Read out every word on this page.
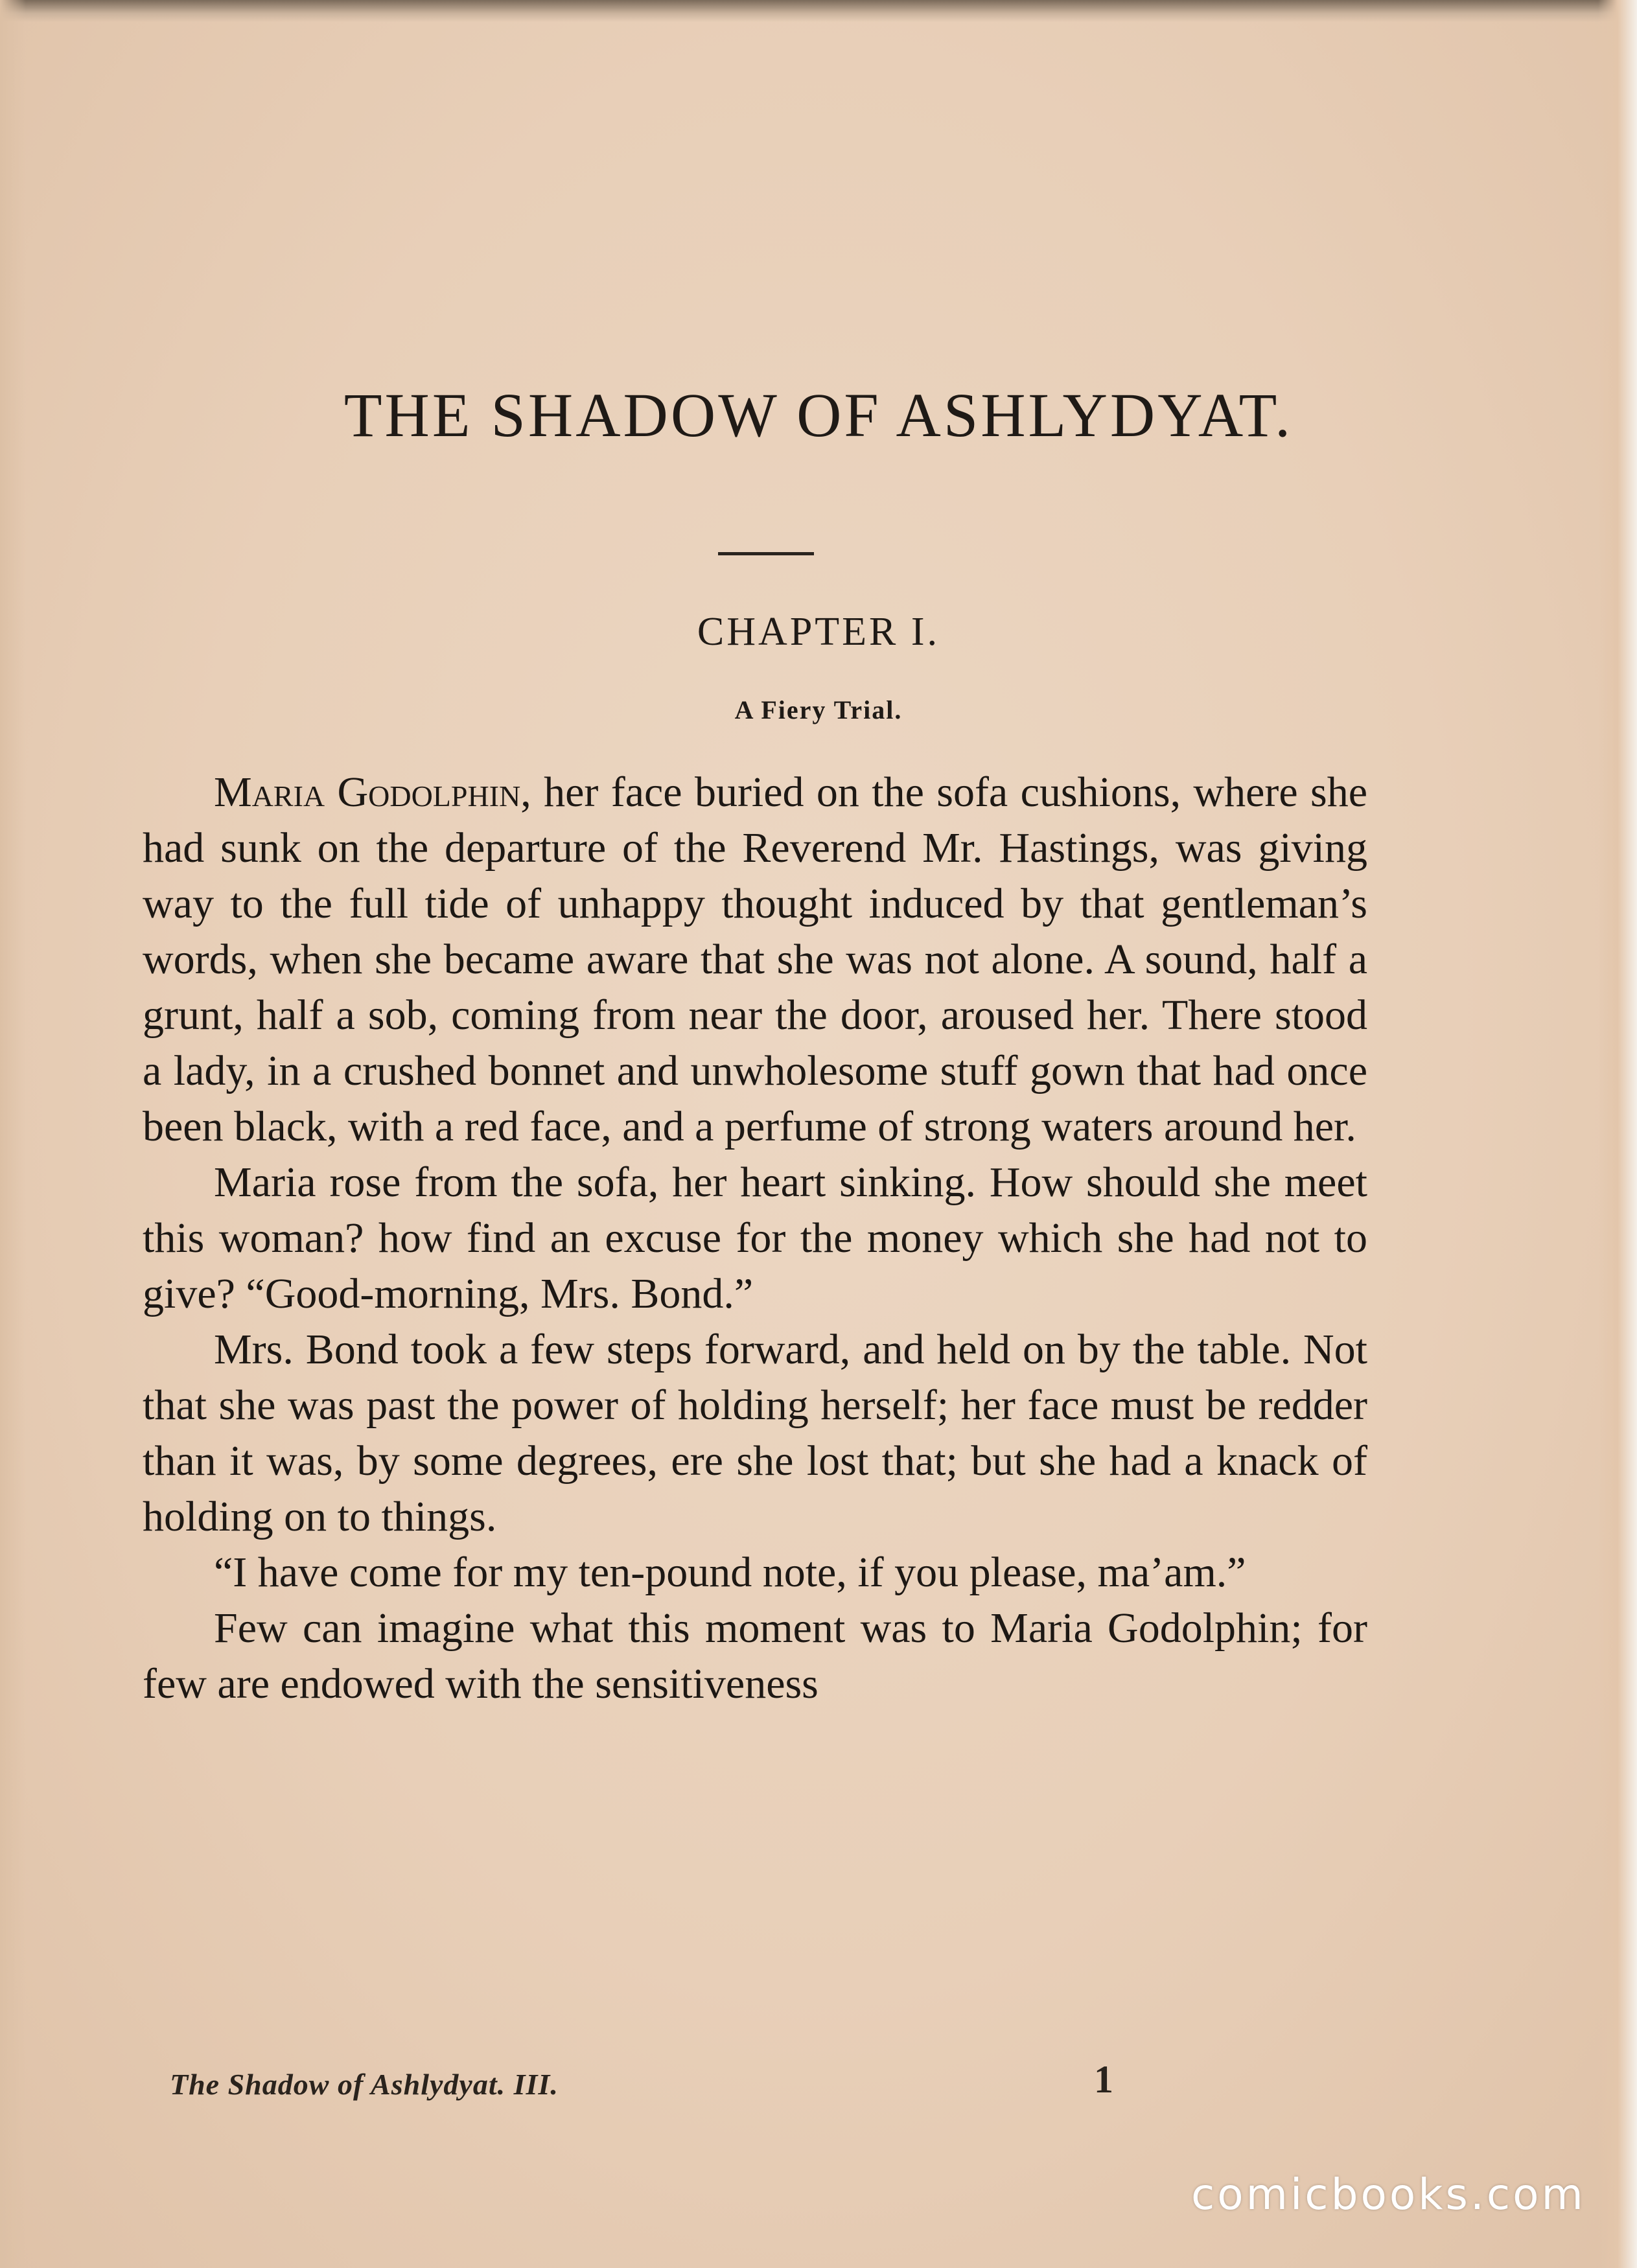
THE SHADOW OF ASHLYDYAT.
CHAPTER I.
A Fiery Trial.

Maria Godolphin, her face buried on the sofa cushions, where she had sunk on the departure of the Reverend Mr. Hastings, was giving way to the full tide of unhappy thought induced by that gentleman’s words, when she became aware that she was not alone. A sound, half a grunt, half a sob, coming from near the door, aroused her. There stood a lady, in a crushed bonnet and unwholesome stuff gown that had once been black, with a red face, and a perfume of strong waters around her.

Maria rose from the sofa, her heart sinking. How should she meet this woman? how find an excuse for the money which she had not to give? “Good-morning, Mrs. Bond.”

Mrs. Bond took a few steps forward, and held on by the table. Not that she was past the power of holding herself; her face must be redder than it was, by some degrees, ere she lost that; but she had a knack of holding on to things.

“I have come for my ten-pound note, if you please, ma’am.”

Few can imagine what this moment was to Maria Godolphin; for few are endowed with the sensitiveness

The Shadow of Ashlydyat. III.	1
comicbooks.com
